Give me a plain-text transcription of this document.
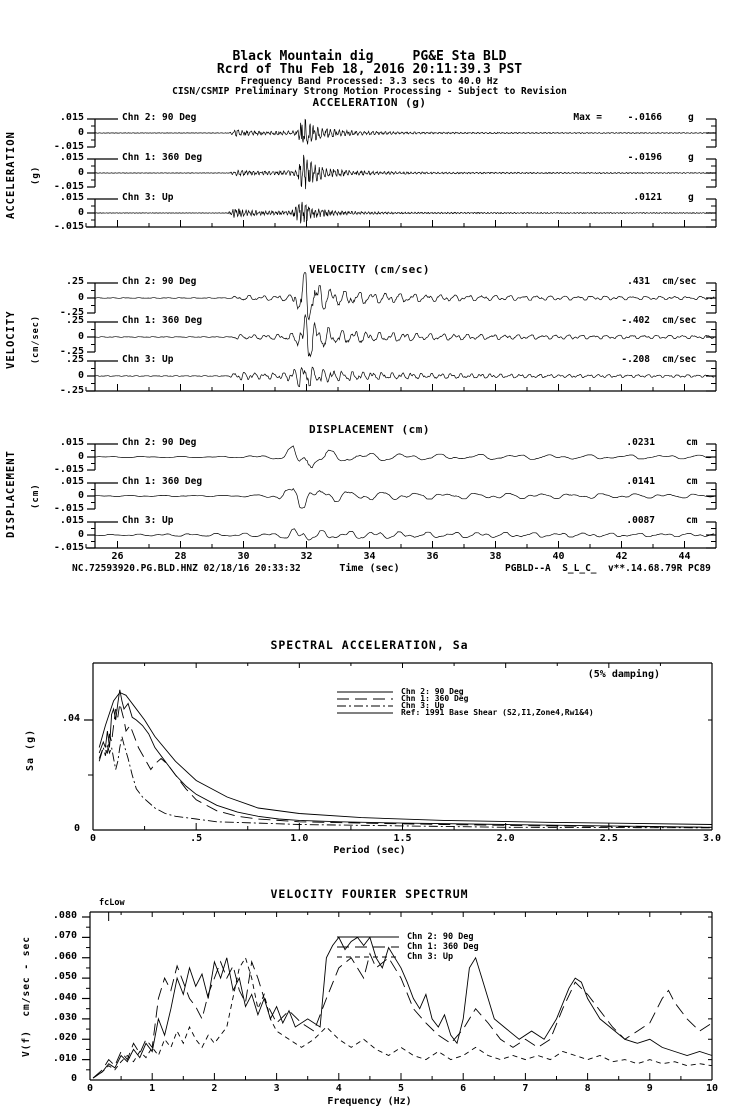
Black Mountain dig     PG&E Sta BLD
Rcrd of Thu Feb 18, 2016 20:11:39.3 PST
Frequency Band Processed: 3.3 secs to 40.0 Hz
CISN/CSMIP Preliminary Strong Motion Processing - Subject to Revision
ACCELERATION (g)
VELOCITY (cm/sec)
DISPLACEMENT (cm)
ACCELERATION (g)
VELOCITY (cm/sec)
DISPLACEMENT (cm)
Time (sec)
NC.72593920.PG.BLD.HNZ 02/18/16 20:33:32	PGBLD--A  S_L_C_  v**.14.68.79R PC89
SPECTRAL ACCELERATION, Sa
(5% damping)
Sa (g)
Period (sec)
Chn 2: 90 Deg
Chn 1: 360 Deg
Chn 3: Up
Ref: 1991 Base Shear (S2,I1,Zone4,Rw1&4)
VELOCITY FOURIER SPECTRUM
fcLow
V(f)  cm/sec - sec
Frequency (Hz)
Chn 2: 90 Deg
Chn 1: 360 Deg
Chn 3: Up
.015
0
-.015
Chn 2: 90 Deg	Max =	-.0166	g
.015
0
-.015
Chn 1: 360 Deg	-.0196	g
.015
0
-.015
Chn 3: Up	.0121	g
.25
0
-.25
Chn 2: 90 Deg	.431 cm/sec
.25
0
-.25
Chn 1: 360 Deg	-.402 cm/sec
.25
0
-.25
Chn 3: Up	-.208 cm/sec
.015
0
-.015
Chn 2: 90 Deg	.0231	cm
.015
0
-.015
Chn 1: 360 Deg	.0141	cm
.015
0
-.015
Chn 3: Up	.0087	cm
26	28	30	32	34	36	38	40	42	44
0	.5	1.0	1.5	2.0	2.5	3.0
.04
0
0	1	2	3	4	5	6	7	8	9	10
.080
.070
.060
.050
.040
.030
.020
.010
0
